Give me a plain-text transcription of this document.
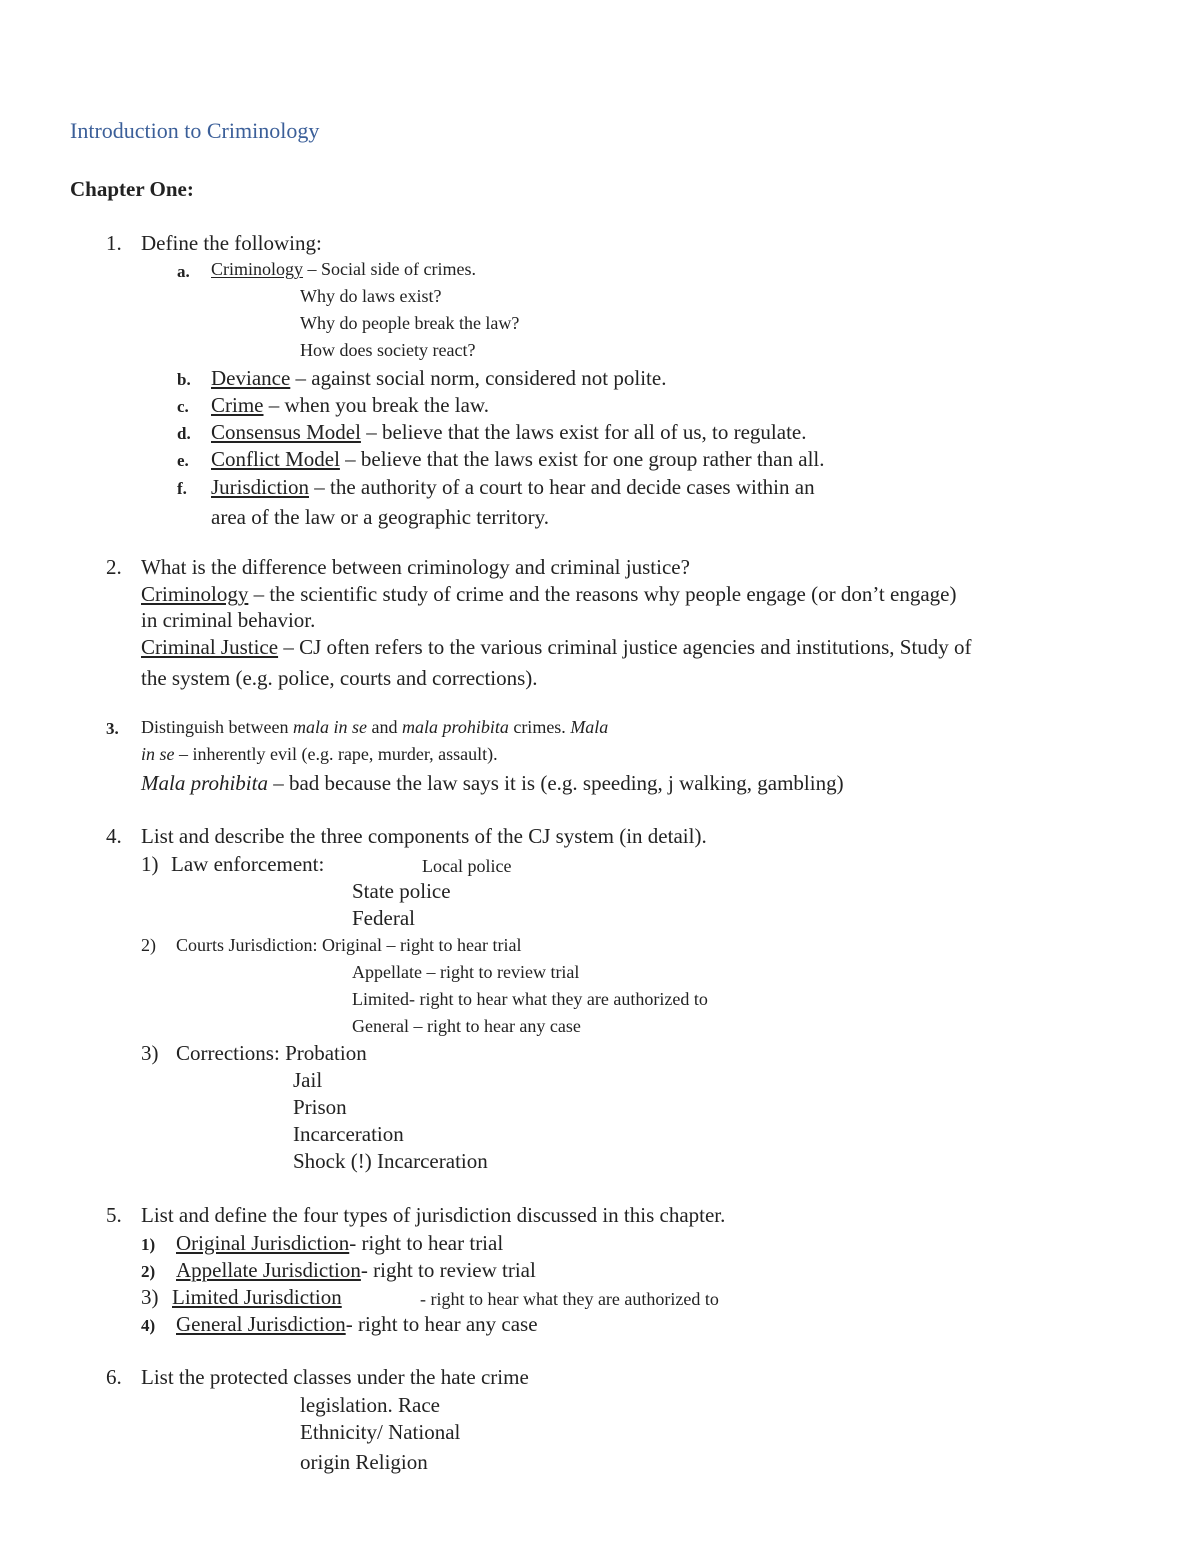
Introduction to Criminology
Chapter One:
1. Define the following:
a. Criminology – Social side of crimes.
Why do laws exist?
Why do people break the law?
How does society react?
b. Deviance – against social norm, considered not polite.
c. Crime – when you break the law.
d. Consensus Model – believe that the laws exist for all of us, to regulate.
e. Conflict Model – believe that the laws exist for one group rather than all.
f. Jurisdiction – the authority of a court to hear and decide cases within an
area of the law or a geographic territory.
2. What is the difference between criminology and criminal justice?
Criminology – the scientific study of crime and the reasons why people engage (or don’t engage)
in criminal behavior.
Criminal Justice – CJ often refers to the various criminal justice agencies and institutions, Study of
the system (e.g. police, courts and corrections).
3. Distinguish between mala in se and mala prohibita crimes. Mala
in se – inherently evil (e.g. rape, murder, assault).
Mala prohibita – bad because the law says it is (e.g. speeding, j walking, gambling)
4. List and describe the three components of the CJ system (in detail).
1) Law enforcement:	Local police
State police
Federal
2) Courts Jurisdiction: Original – right to hear trial
Appellate – right to review trial
Limited- right to hear what they are authorized to
General – right to hear any case
3) Corrections: Probation
Jail
Prison
Incarceration
Shock (!) Incarceration
5. List and define the four types of jurisdiction discussed in this chapter.
1) Original Jurisdiction- right to hear trial
2) Appellate Jurisdiction- right to review trial
3) Limited Jurisdiction	- right to hear what they are authorized to
4) General Jurisdiction- right to hear any case
6. List the protected classes under the hate crime
legislation. Race
Ethnicity/ National
origin Religion
